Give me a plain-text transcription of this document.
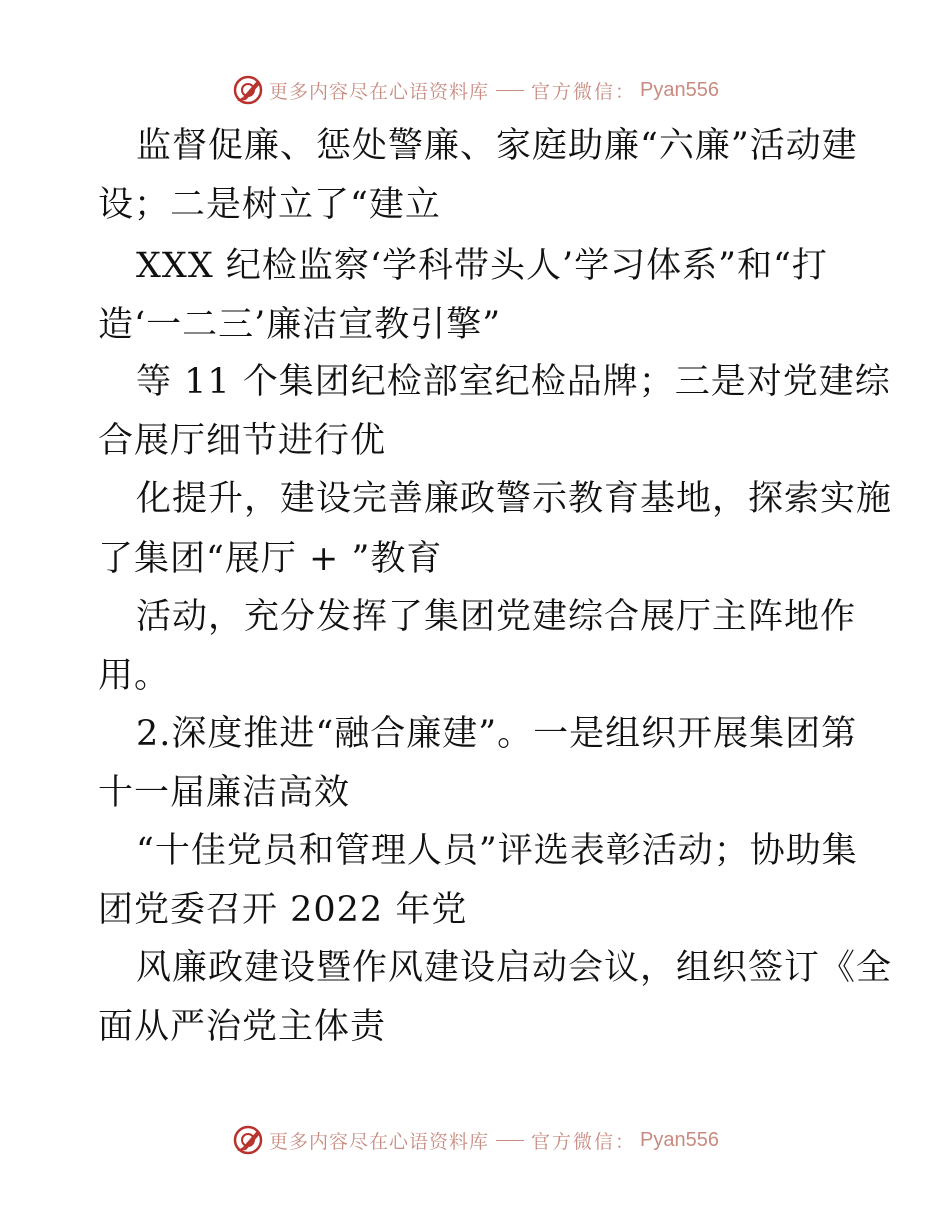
更多内容尽在心语资料库 官方微信： Pyan556
监督促廉、惩处警廉、家庭助廉“六廉”活动建
设；二是树立了“建立
XXX 纪检监察‘学科带头人’学习体系”和“打
造‘一二三’廉洁宣教引擎”
等 11 个集团纪检部室纪检品牌；三是对党建综
合展厅细节进行优
化提升，建设完善廉政警示教育基地，探索实施
了集团“展厅 + ”教育
活动，充分发挥了集团党建综合展厅主阵地作
用。
2.深度推进“融合廉建”。一是组织开展集团第
十一届廉洁高效
“十佳党员和管理人员”评选表彰活动；协助集
团党委召开 2022 年党
风廉政建设暨作风建设启动会议，组织签订《全
面从严治党主体责
更多内容尽在心语资料库 官方微信： Pyan556
